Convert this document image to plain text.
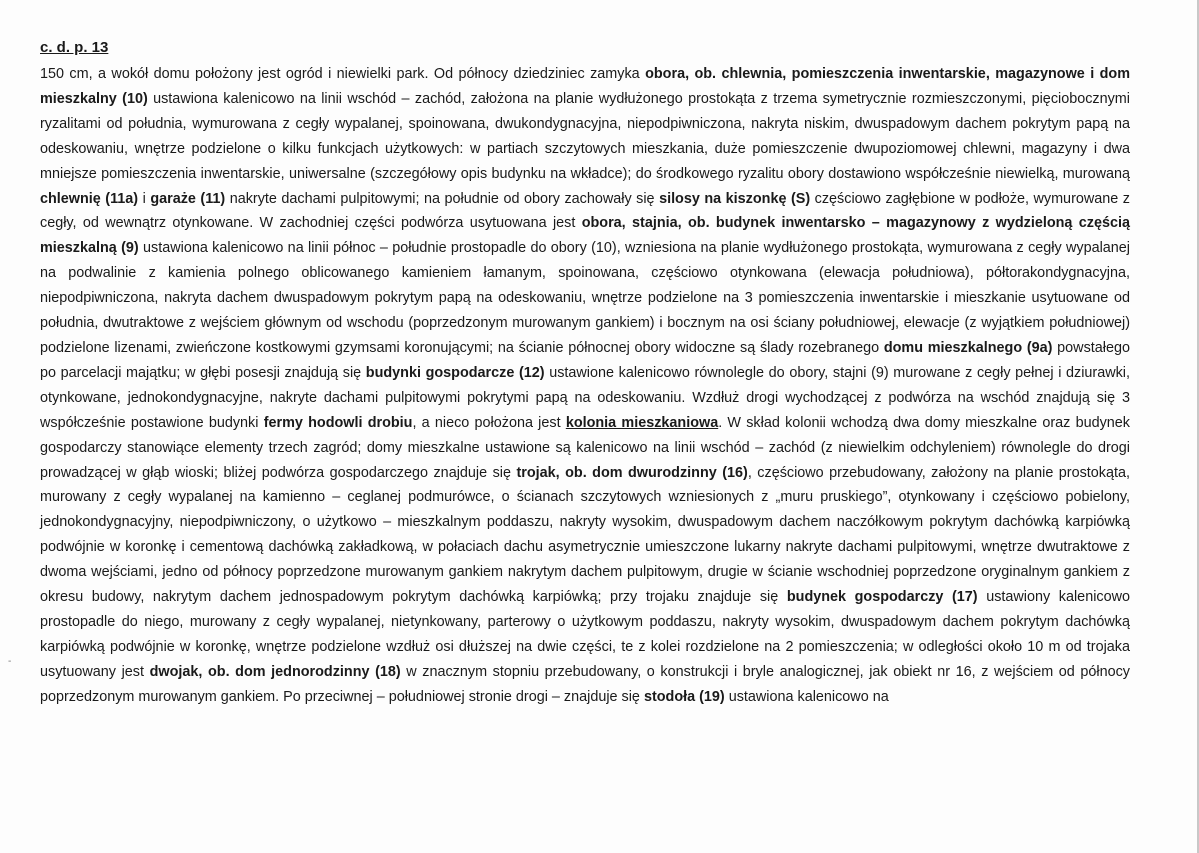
c. d. p. 13

150 cm, a wokół domu położony jest ogród i niewielki park. Od północy dziedziniec zamyka obora, ob. chlewnia, pomieszczenia inwentarskie, magazynowe i dom mieszkalny (10) ustawiona kalenicowo na linii wschód – zachód, założona na planie wydłużonego prostokąta z trzema symetrycznie rozmieszczonymi, pięciobocznymi ryzalitami od południa, wymurowana z cegły wypalanej, spoinowana, dwukondygnacyjna, niepodpiwniczona, nakryta niskim, dwuspadowym dachem pokrytym papą na odeskowaniu, wnętrze podzielone o kilku funkcjach użytkowych: w partiach szczytowych mieszkania, duże pomieszczenie dwupoziomowej chlewni, magazyny i dwa mniejsze pomieszczenia inwentarskie, uniwersalne (szczegółowy opis budynku na wkładce); do środkowego ryzalitu obory dostawiono współcześnie niewielką, murowaną chlewnię (11a) i garaże (11) nakryte dachami pulpitowymi; na południe od obory zachowały się silosy na kiszonkę (S) częściowo zagłębione w podłoże, wymurowane z cegły, od wewnątrz otynkowane. W zachodniej części podwórza usytuowana jest obora, stajnia, ob. budynek inwentarsko – magazynowy z wydzieloną częścią mieszkalną (9) ustawiona kalenicowo na linii północ – południe prostopadle do obory (10), wzniesiona na planie wydłużonego prostokąta, wymurowana z cegły wypalanej na podwalinie z kamienia polnego oblicowanego kamieniem łamanym, spoinowana, częściowo otynkowana (elewacja południowa), półtorakondygnacyjna, niepodpiwniczona, nakryta dachem dwuspadowym pokrytym papą na odeskowaniu, wnętrze podzielone na 3 pomieszczenia inwentarskie i mieszkanie usytuowane od południa, dwutraktowe z wejściem głównym od wschodu (poprzedzonym murowanym gankiem) i bocznym na osi ściany południowej, elewacje (z wyjątkiem południowej) podzielone lizenami, zwieńczone kostkowymi gzymsami koronującymi; na ścianie północnej obory widoczne są ślady rozebranego domu mieszkalnego (9a) powstałego po parcelacji majątku; w głębi posesji znajdują się budynki gospodarcze (12) ustawione kalenicowo równolegle do obory, stajni (9) murowane z cegły pełnej i dziurawki, otynkowane, jednokondygnacyjne, nakryte dachami pulpitowymi pokrytymi papą na odeskowaniu. Wzdłuż drogi wychodzącej z podwórza na wschód znajdują się 3 współcześnie postawione budynki fermy hodowli drobiu, a nieco położona jest kolonia mieszkaniowa. W skład kolonii wchodzą dwa domy mieszkalne oraz budynek gospodarczy stanowiące elementy trzech zagród; domy mieszkalne ustawione są kalenicowo na linii wschód – zachód (z niewielkim odchyleniem) równolegle do drogi prowadzącej w głąb wioski; bliżej podwórza gospodarczego znajduje się trojak, ob. dom dwurodzinny (16), częściowo przebudowany, założony na planie prostokąta, murowany z cegły wypalanej na kamienno – ceglanej podmurówce, o ścianach szczytowych wzniesionych z „muru pruskiego”, otynkowany i częściowo pobielony, jednokondygnacyjny, niepodpiwniczony, o użytkowo – mieszkalnym poddaszu, nakryty wysokim, dwuspadowym dachem naczółkowym pokrytym dachówką karpiówką podwójnie w koronkę i cementową dachówką zakładkową, w połaciach dachu asymetrycznie umieszczone lukarny nakryte dachami pulpitowymi, wnętrze dwutraktowe z dwoma wejściami, jedno od północy poprzedzone murowanym gankiem nakrytym dachem pulpitowym, drugie w ścianie wschodniej poprzedzone oryginalnym gankiem z okresu budowy, nakrytym dachem jednospadowym pokrytym dachówką karpiówką; przy trojaku znajduje się budynek gospodarczy (17) ustawiony kalenicowo prostopadle do niego, murowany z cegły wypalanej, nietynkowany, parterowy o użytkowym poddaszu, nakryty wysokim, dwuspadowym dachem pokrytym dachówką karpiówką podwójnie w koronkę, wnętrze podzielone wzdłuż osi dłuższej na dwie części, te z kolei rozdzielone na 2 pomieszczenia; w odległości około 10 m od trojaka usytuowany jest dwojak, ob. dom jednorodzinny (18) w znacznym stopniu przebudowany, o konstrukcji i bryle analogicznej, jak obiekt nr 16, z wejściem od północy poprzedzonym murowanym gankiem. Po przeciwnej – południowej stronie drogi – znajduje się stodoła (19) ustawiona kalenicowo na

-
